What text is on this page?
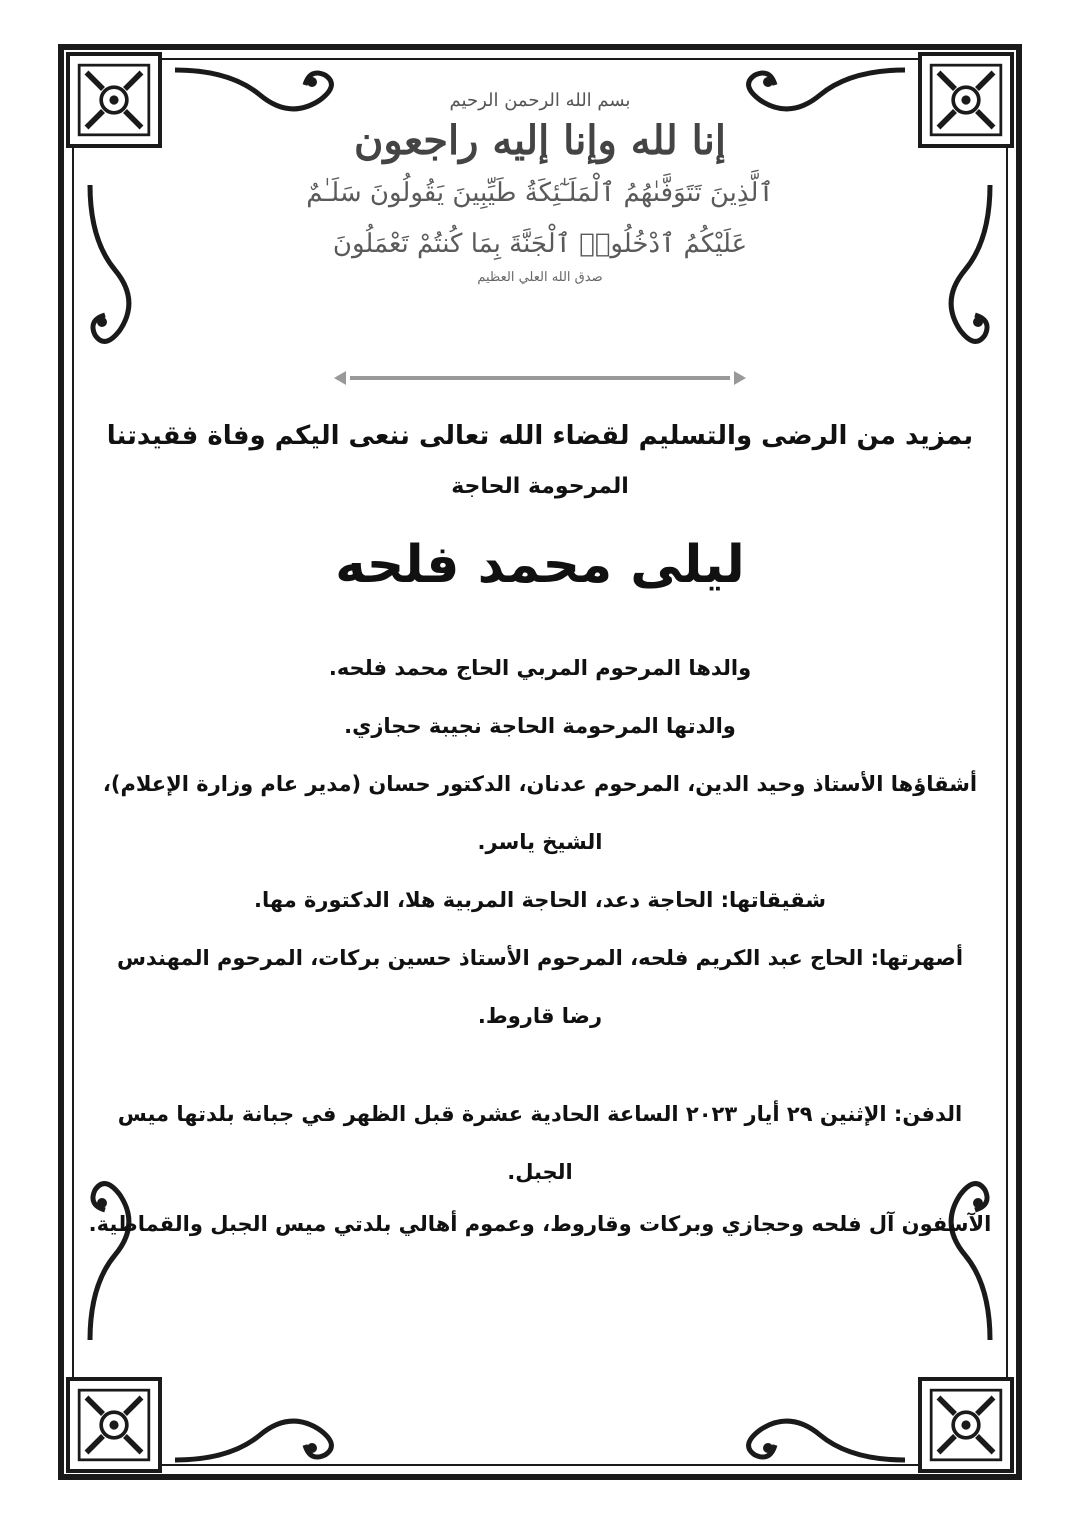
بسم الله الرحمن الرحيم
إنا لله وإنا إليه راجعون
ٱلَّذِينَ تَتَوَفَّىٰهُمُ ٱلْمَلَـٰٓئِكَةُ طَيِّبِينَ يَقُولُونَ سَلَـٰمٌ
عَلَيْكُمُ ٱدْخُلُوا۟ ٱلْجَنَّةَ بِمَا كُنتُمْ تَعْمَلُونَ
صدق الله العلي العظيم

بمزيد من الرضى والتسليم لقضاء الله تعالى ننعى اليكم وفاة فقيدتنا

المرحومة الحاجة

ليلى محمد فلحه

والدها المرحوم المربي الحاج محمد فلحه.

والدتها المرحومة الحاجة نجيبة حجازي.

أشقاؤها الأستاذ وحيد الدين، المرحوم عدنان، الدكتور حسان (مدير عام وزارة الإعلام)،

الشيخ ياسر.

شقيقاتها: الحاجة دعد، الحاجة المربية هلا، الدكتورة مها.

أصهرتها: الحاج عبد الكريم فلحه، المرحوم الأستاذ حسين بركات، المرحوم المهندس

رضا قاروط.

الدفن: الإثنين ٢٩ أيار ٢٠٢٣ الساعة الحادية عشرة قبل الظهر في جبانة بلدتها ميس

الجبل.

الآسفون آل فلحه وحجازي وبركات وقاروط، وعموم أهالي بلدتي ميس الجبل والقماطية.
